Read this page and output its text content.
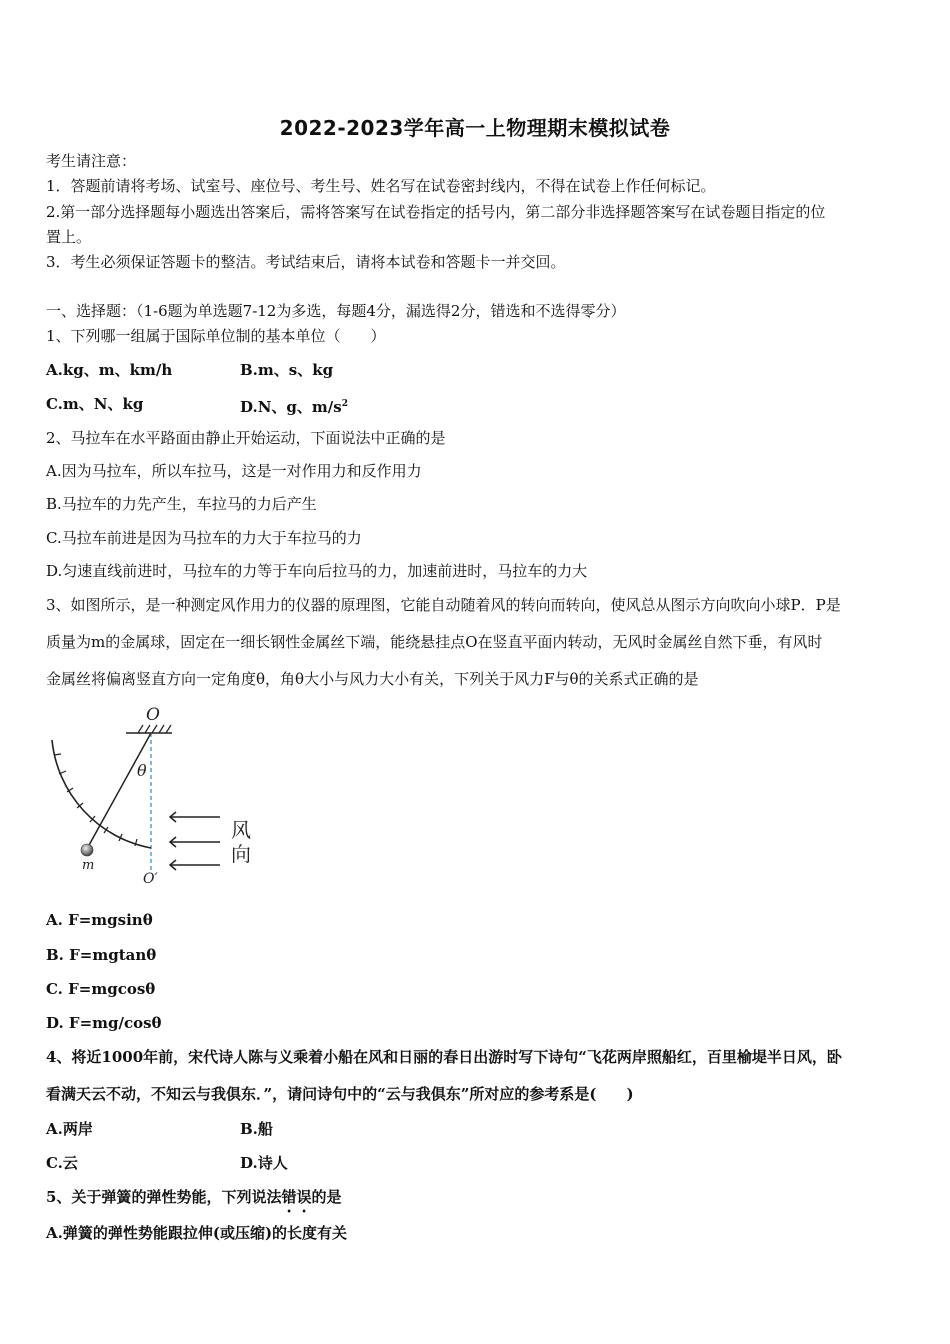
2022-2023学年高一上物理期末模拟试卷
考生请注意：
1．答题前请将考场、试室号、座位号、考生号、姓名写在试卷密封线内，不得在试卷上作任何标记。
2.第一部分选择题每小题选出答案后，需将答案写在试卷指定的括号内，第二部分非选择题答案写在试卷题目指定的位
置上。
3．考生必须保证答题卡的整洁。考试结束后，请将本试卷和答题卡一并交回。
一、选择题：（1-6题为单选题7-12为多选，每题4分，漏选得2分，错选和不选得零分）
1、下列哪一组属于国际单位制的基本单位（　　）
A.kg、m、km/h	B.m、s、kg
C.m、N、kg	D.N、g、$m/s^2$
2、马拉车在水平路面由静止开始运动，下面说法中正确的是
A.因为马拉车，所以车拉马，这是一对作用力和反作用力
B.马拉车的力先产生，车拉马的力后产生
C.马拉车前进是因为马拉车的力大于车拉马的力
D.匀速直线前进时，马拉车的力等于车向后拉马的力，加速前进时，马拉车的力大
3、如图所示，是一种测定风作用力的仪器的原理图，它能自动随着风的转向而转向，使风总从图示方向吹向小球P．P是
质量为m的金属球，固定在一细长钢性金属丝下端，能绕悬挂点O在竖直平面内转动，无风时金属丝自然下垂，有风时
金属丝将偏离竖直方向一定角度θ，角θ大小与风力大小有关，下列关于风力F与θ的关系式正确的是
O
O′
θ
m
风
向
A. F=mgsinθ
B. F=mgtanθ
C. F=mgcosθ
D. F=mg/cosθ
4、将近1000年前，宋代诗人陈与义乘着小船在风和日丽的春日出游时写下诗句“飞花两岸照船红，百里榆堤半日风，卧
看满天云不动，不知云与我俱东．”，请问诗句中的“云与我俱东”所对应的参考系是(　　)
A.两岸	B.船
C.云	D.诗人
5、关于弹簧的弹性势能，下列说法错误的是
A.弹簧的弹性势能跟拉伸(或压缩)的长度有关
